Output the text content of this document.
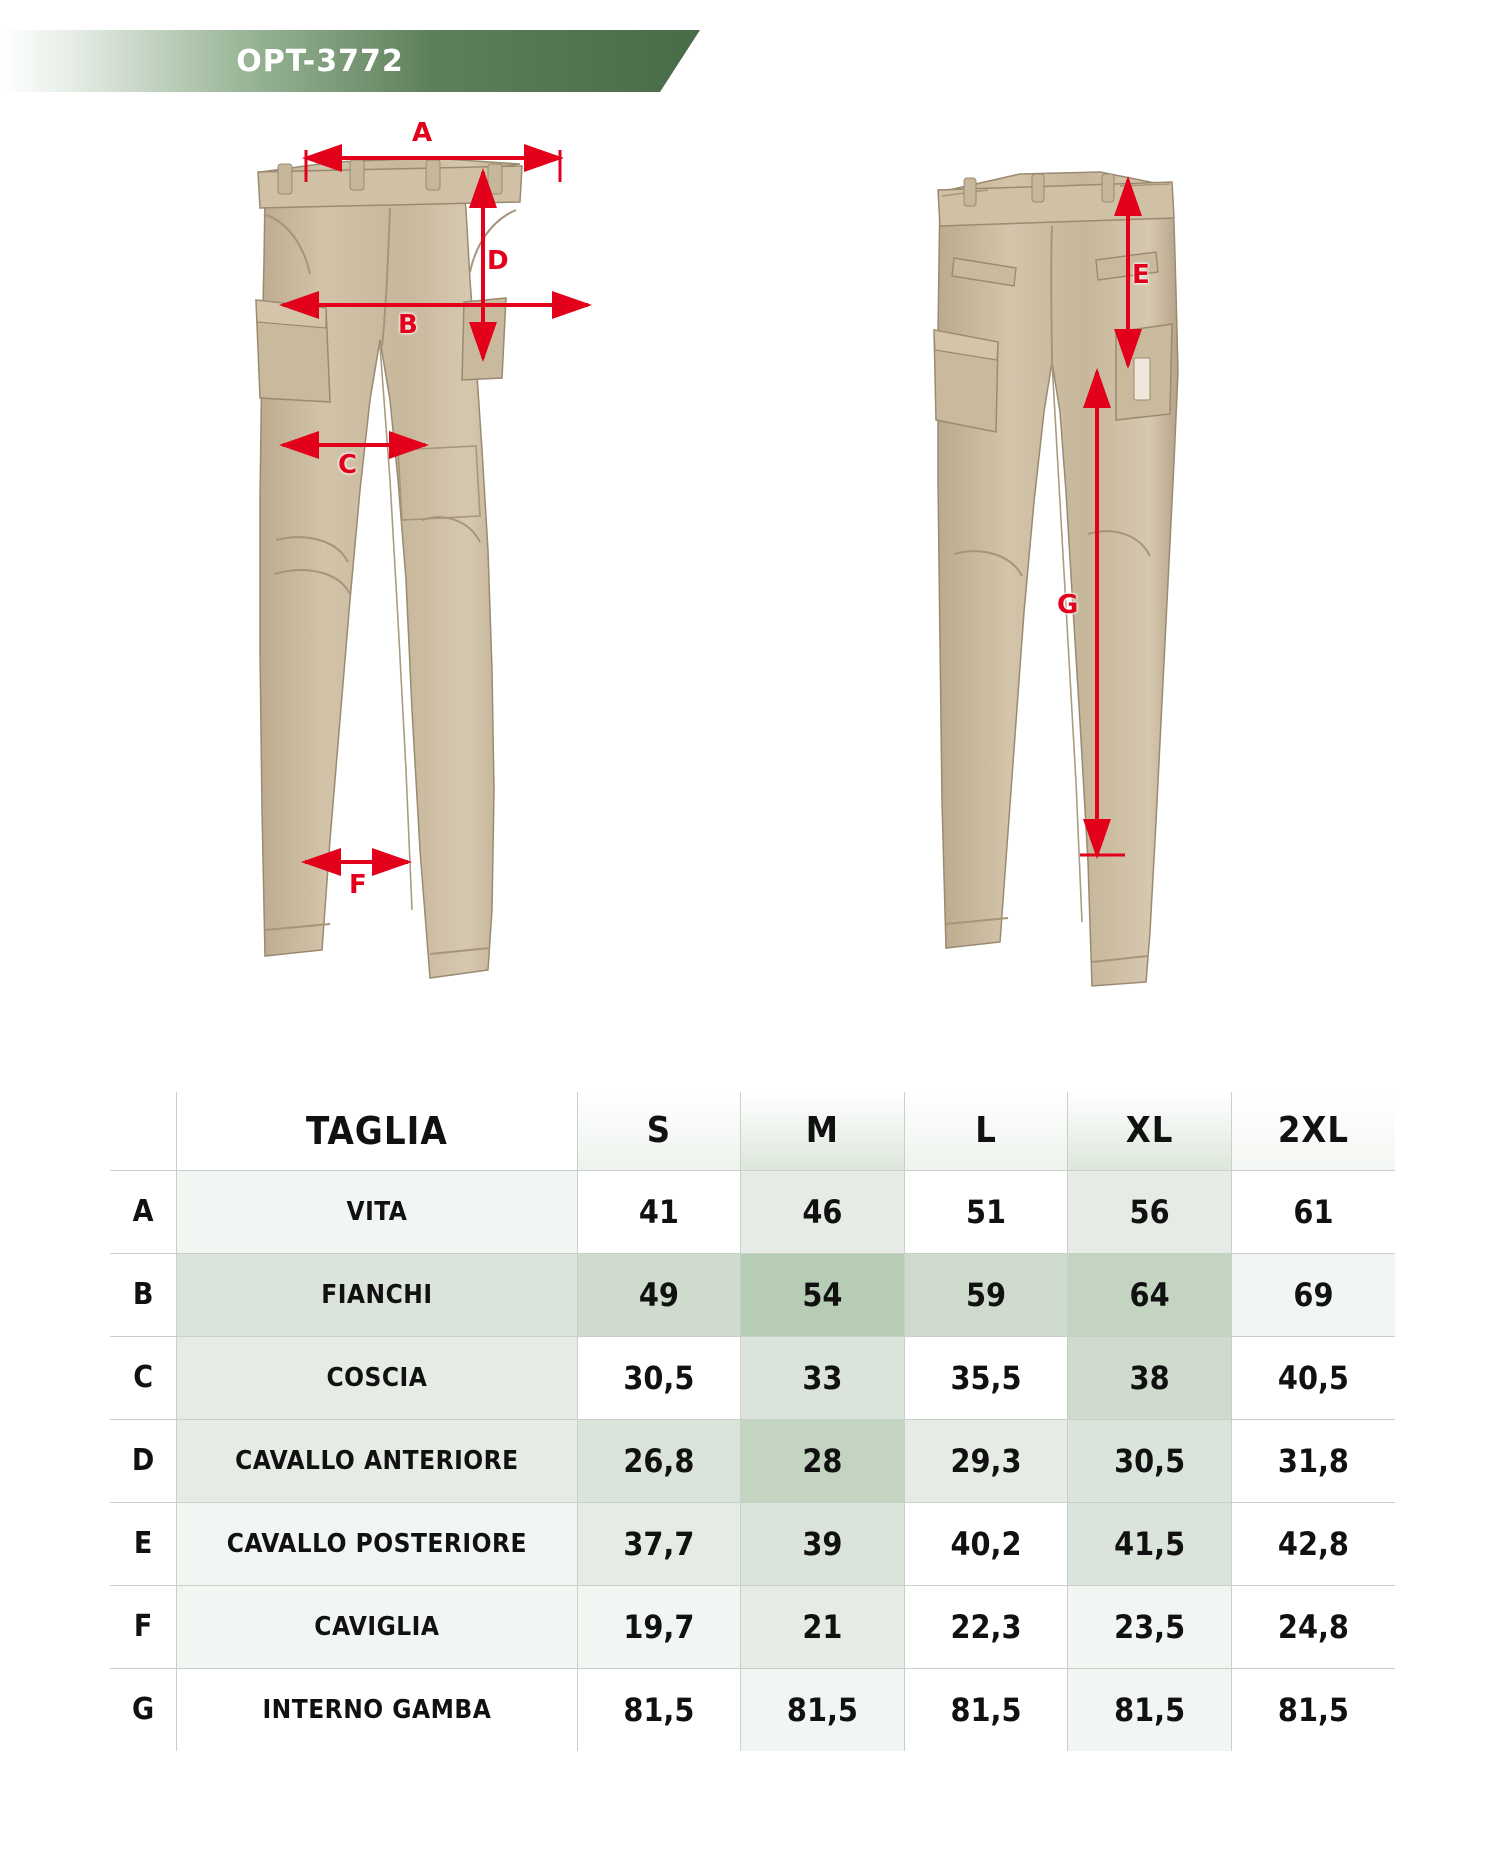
OPT-3772
A
B
C
D	E
F
G
	TAGLIA	S	M	L	XL	2XL
A	VITA	41	46	51	56	61
B	FIANCHI	49	54	59	64	69
C	COSCIA	30,5	33	35,5	38	40,5
D	CAVALLO ANTERIORE	26,8	28	29,3	30,5	31,8
E	CAVALLO POSTERIORE	37,7	39	40,2	41,5	42,8
F	CAVIGLIA	19,7	21	22,3	23,5	24,8
G	INTERNO GAMBA	81,5	81,5	81,5	81,5	81,5
